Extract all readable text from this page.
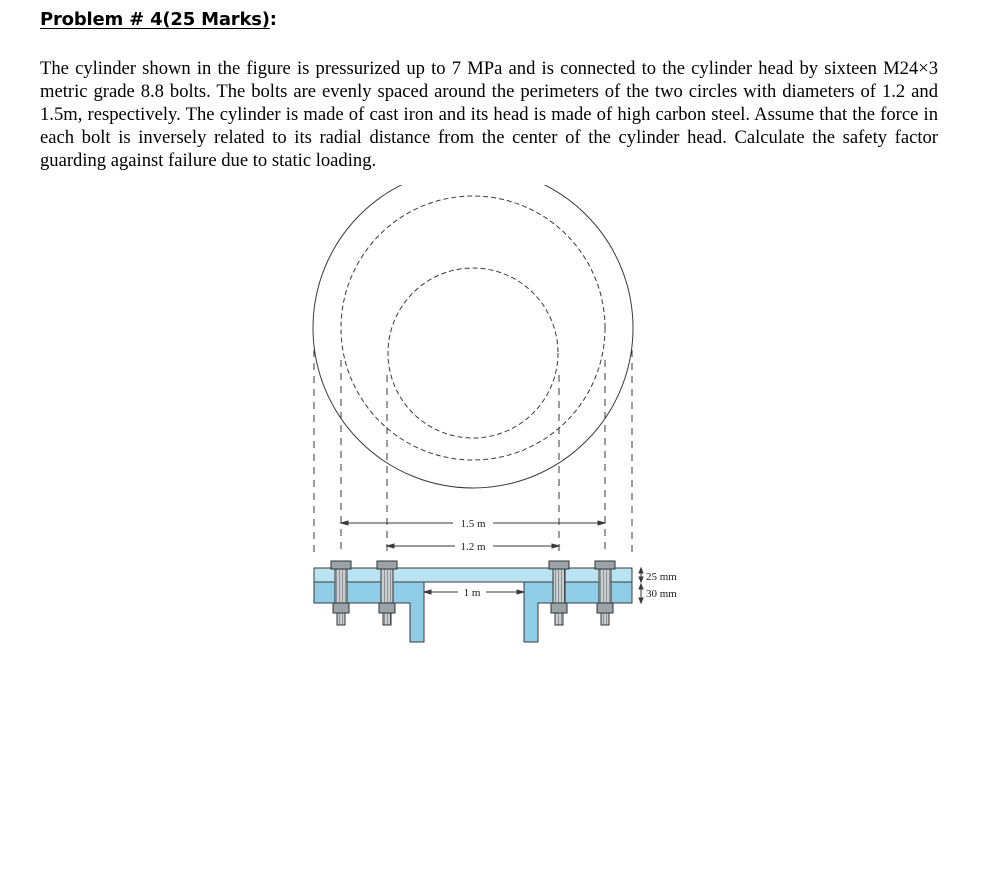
Problem # 4(25 Marks):

The cylinder shown in the figure is pressurized up to 7 MPa and is connected to the cylinder head by sixteen M24×3 metric grade 8.8 bolts. The bolts are evenly spaced around the perimeters of the two circles with diameters of 1.2 and 1.5m, respectively. The cylinder is made of cast iron and its head is made of high carbon steel. Assume that the force in each bolt is inversely related to its radial distance from the center of the cylinder head. Calculate the safety factor guarding against failure due to static loading.

1.5 m
1.2 m
1 m
25 mm
30 mm
